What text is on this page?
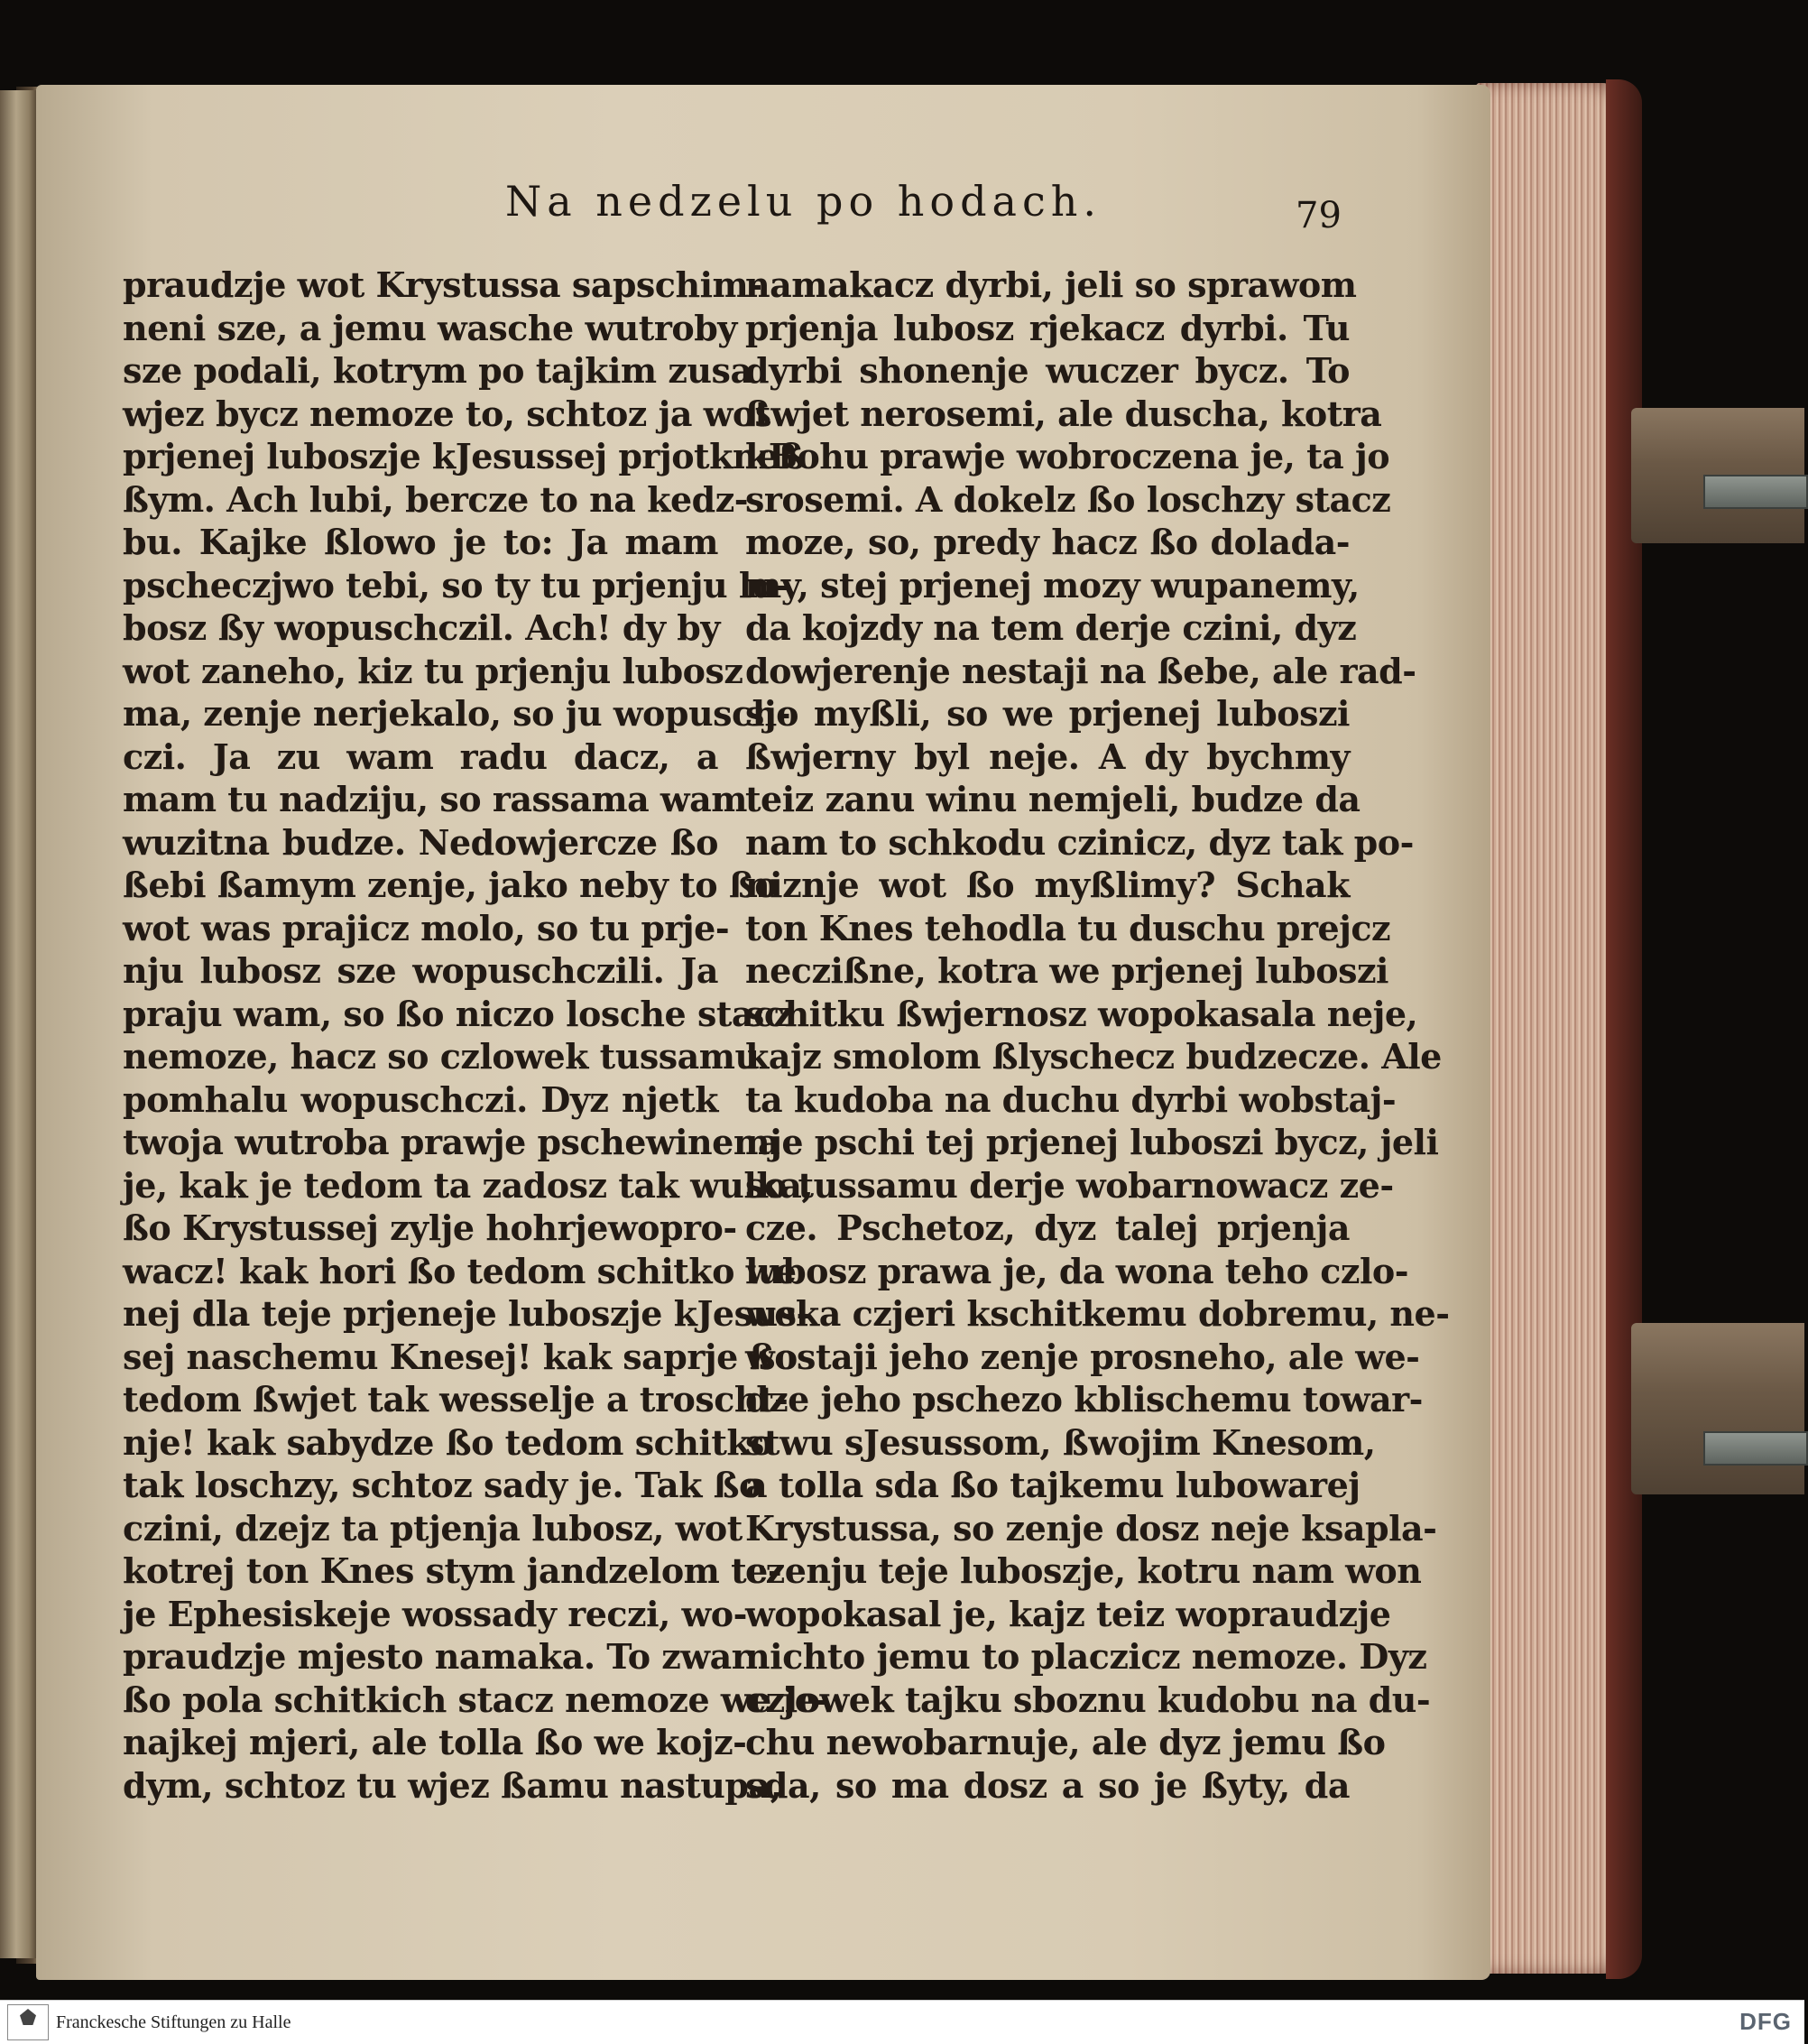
Na nedzelu po hodach.	79
praudzje wot Krystussa sapschim-
neni sze, a jemu wasche wutroby
sze podali, kotrym po tajkim zusa
wjez bycz nemoze to, schtoz ja wot
prjenej luboszje kJesussej prjotkneß
ßym. Ach lubi, bercze to na kedz-
bu. Kajke ßlowo je to: Ja mam
pscheczjwo tebi, so ty tu prjenju lu-
bosz ßy wopuschczil. Ach! dy by
wot zaneho, kiz tu prjenju lubosz
ma, zenje nerjekalo, so ju wopusch-
czi. Ja zu wam radu dacz, a
mam tu nadziju, so rassama wam
wuzitna budze. Nedowjercze ßo
ßebi ßamym zenje, jako neby to ßo
wot was prajicz molo, so tu prje-
nju lubosz sze wopuschczili. Ja
praju wam, so ßo niczo losche stacz
nemoze, hacz so czlowek tussamu
pomhalu wopuschczi. Dyz njetk
twoja wutroba prawje pschewinena
je, kak je tedom ta zadosz tak wulka,
ßo Krystussej zylje hohrjewopro-
wacz! kak hori ßo tedom schitko we
nej dla teje prjeneje luboszje kJesus-
sej naschemu Knesej! kak saprje ßo
tedom ßwjet tak wesselje a troscht-
nje! kak sabydze ßo tedom schitko
tak loschzy, schtoz sady je. Tak ßo
czini, dzejz ta ptjenja lubosz, wot
kotrej ton Knes stym jandzelom te-
je Ephesiskeje wossady reczi, wo-
praudzje mjesto namaka. To zwar
ßo pola schitkich stacz nemoze we je-
najkej mjeri, ale tolla ßo we kojz-
dym, schtoz tu wjez ßamu nastupa,
namakacz dyrbi, jeli so sprawom
prjenja lubosz rjekacz dyrbi. Tu
dyrbi shonenje wuczer bycz. To
ßwjet nerosemi, ale duscha, kotra
kBohu prawje wobroczena je, ta jo
srosemi. A dokelz ßo loschzy stacz
moze, so, predy hacz ßo dolada-
my, stej prjenej mozy wupanemy,
da kojzdy na tem derje czini, dyz
dowjerenje nestaji na ßebe, ale rad-
sjo myßli, so we prjenej luboszi
ßwjerny byl neje. A dy bychmy
teiz zanu winu nemjeli, budze da
nam to schkodu czinicz, dyz tak po-
niznje wot ßo myßlimy? Schak
ton Knes tehodla tu duschu prejcz
neczißne, kotra we prjenej luboszi
schitku ßwjernosz wopokasala neje,
kajz smolom ßlyschecz budzecze. Ale
ta kudoba na duchu dyrbi wobstaj-
nje pschi tej prjenej luboszi bycz, jeli
so tussamu derje wobarnowacz ze-
cze. Pschetoz, dyz talej prjenja
lubosz prawa je, da wona teho czlo-
weka czjeri kschitkemu dobremu, ne-
wostaji jeho zenje prosneho, ale we-
dze jeho pschezo kblischemu towar-
stwu sJesussom, ßwojim Knesom,
a tolla sda ßo tajkemu lubowarej
Krystussa, so zenje dosz neje ksapla-
czenju teje luboszje, kotru nam won
wopokasal je, kajz teiz wopraudzje
nichto jemu to placzicz nemoze. Dyz
czlowek tajku sboznu kudobu na du-
chu newobarnuje, ale dyz jemu ßo
sda, so ma dosz a so je ßyty, da
Franckesche Stiftungen zu Halle	DFG
